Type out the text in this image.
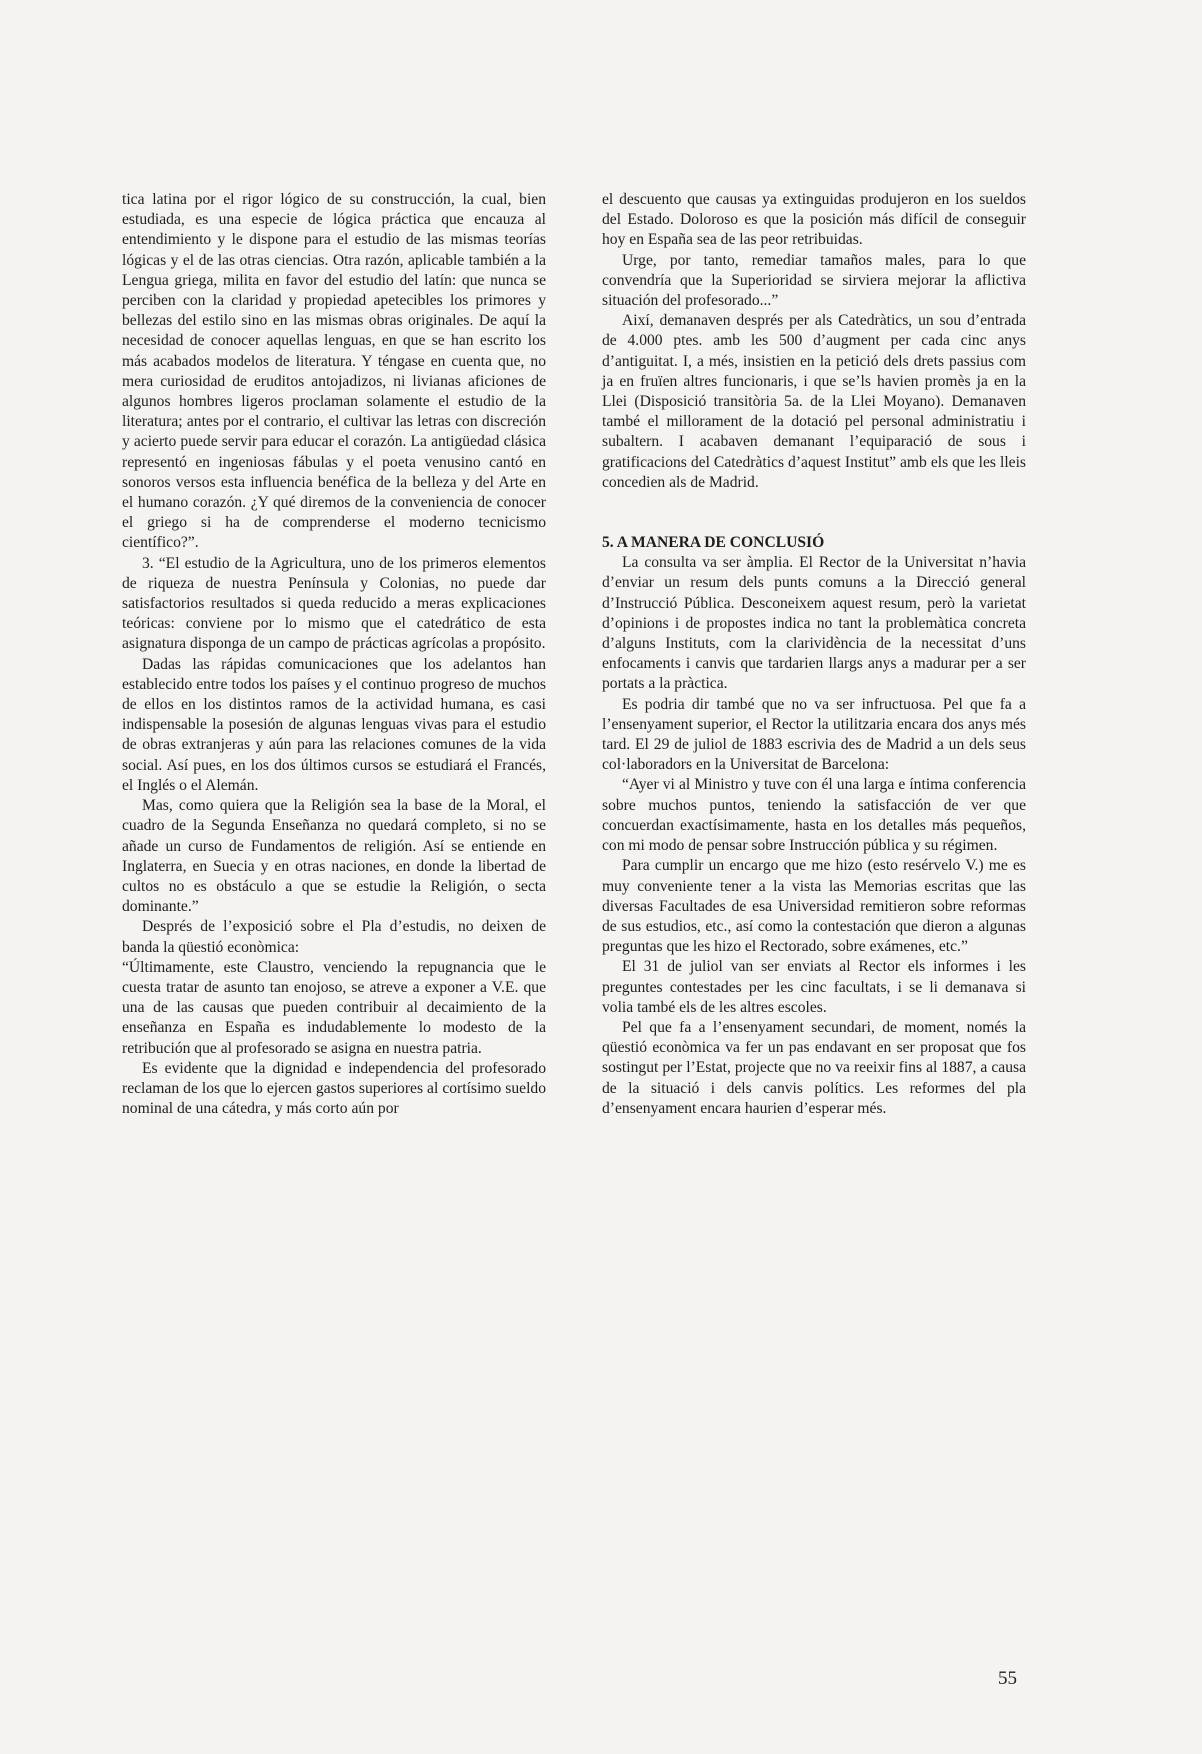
tica latina por el rigor lógico de su construcción, la cual, bien estudiada, es una especie de lógica práctica que encauza al entendimiento y le dispone para el estudio de las mismas teorías lógicas y el de las otras ciencias. Otra razón, aplicable también a la Lengua griega, milita en favor del estudio del latín: que nunca se perciben con la claridad y propiedad apetecibles los primores y bellezas del estilo sino en las mismas obras originales. De aquí la necesidad de conocer aquellas lenguas, en que se han escrito los más acabados modelos de literatura. Y téngase en cuenta que, no mera curiosidad de eruditos antojadizos, ni livianas aficiones de algunos hombres ligeros proclaman solamente el estudio de la literatura; antes por el contrario, el cultivar las letras con discreción y acierto puede servir para educar el corazón. La antigüedad clásica representó en ingeniosas fábulas y el poeta venusino cantó en sonoros versos esta influencia benéfica de la belleza y del Arte en el humano corazón. ¿Y qué diremos de la conveniencia de conocer el griego si ha de comprenderse el moderno tecnicismo científico?”.

3. “El estudio de la Agricultura, uno de los primeros elementos de riqueza de nuestra Península y Colonias, no puede dar satisfactorios resultados si queda reducido a meras explicaciones teóricas: conviene por lo mismo que el catedrático de esta asignatura disponga de un campo de prácticas agrícolas a propósito.

Dadas las rápidas comunicaciones que los adelantos han establecido entre todos los países y el continuo progreso de muchos de ellos en los distintos ramos de la actividad humana, es casi indispensable la posesión de algunas lenguas vivas para el estudio de obras extranjeras y aún para las relaciones comunes de la vida social. Así pues, en los dos últimos cursos se estudiará el Francés, el Inglés o el Alemán.

Mas, como quiera que la Religión sea la base de la Moral, el cuadro de la Segunda Enseñanza no quedará completo, si no se añade un curso de Fundamentos de religión. Así se entiende en Inglaterra, en Suecia y en otras naciones, en donde la libertad de cultos no es obstáculo a que se estudie la Religión, o secta dominante.”

Després de l’exposició sobre el Pla d’estudis, no deixen de banda la qüestió econòmica:

“Últimamente, este Claustro, venciendo la repugnancia que le cuesta tratar de asunto tan enojoso, se atreve a exponer a V.E. que una de las causas que pueden contribuir al decaimiento de la enseñanza en España es indudablemente lo modesto de la retribución que al profesorado se asigna en nuestra patria.

Es evidente que la dignidad e independencia del profesorado reclaman de los que lo ejercen gastos superiores al cortísimo sueldo nominal de una cátedra, y más corto aún por

el descuento que causas ya extinguidas produjeron en los sueldos del Estado. Doloroso es que la posición más difícil de conseguir hoy en España sea de las peor retribuidas.

Urge, por tanto, remediar tamaños males, para lo que convendría que la Superioridad se sirviera mejorar la aflictiva situación del profesorado...”

Així, demanaven després per als Catedràtics, un sou d’entrada de 4.000 ptes. amb les 500 d’augment per cada cinc anys d’antiguitat. I, a més, insistien en la petició dels drets passius com ja en fruïen altres funcionaris, i que se’ls havien promès ja en la Llei (Disposició transitòria 5a. de la Llei Moyano). Demanaven també el millorament de la dotació pel personal administratiu i subaltern. I acabaven demanant l’equiparació de sous i gratificacions del Catedràtics d’aquest Institut” amb els que les lleis concedien als de Madrid.

5. A MANERA DE CONCLUSIÓ

La consulta va ser àmplia. El Rector de la Universitat n’havia d’enviar un resum dels punts comuns a la Direcció general d’Instrucció Pública. Desconeixem aquest resum, però la varietat d’opinions i de propostes indica no tant la problemàtica concreta d’alguns Instituts, com la clarividència de la necessitat d’uns enfocaments i canvis que tardarien llargs anys a madurar per a ser portats a la pràctica.

Es podria dir també que no va ser infructuosa. Pel que fa a l’ensenyament superior, el Rector la utilitzaria encara dos anys més tard. El 29 de juliol de 1883 escrivia des de Madrid a un dels seus col·laboradors en la Universitat de Barcelona:

“Ayer vi al Ministro y tuve con él una larga e íntima conferencia sobre muchos puntos, teniendo la satisfacción de ver que concuerdan exactísimamente, hasta en los detalles más pequeños, con mi modo de pensar sobre Instrucción pública y su régimen.

Para cumplir un encargo que me hizo (esto resérvelo V.) me es muy conveniente tener a la vista las Memorias escritas que las diversas Facultades de esa Universidad remitieron sobre reformas de sus estudios, etc., así como la contestación que dieron a algunas preguntas que les hizo el Rectorado, sobre exámenes, etc.”

El 31 de juliol van ser enviats al Rector els informes i les preguntes contestades per les cinc facultats, i se li demanava si volia també els de les altres escoles.

Pel que fa a l’ensenyament secundari, de moment, només la qüestió econòmica va fer un pas endavant en ser proposat que fos sostingut per l’Estat, projecte que no va reeixir fins al 1887, a causa de la situació i dels canvis polítics. Les reformes del pla d’ensenyament encara haurien d’esperar més.

55
